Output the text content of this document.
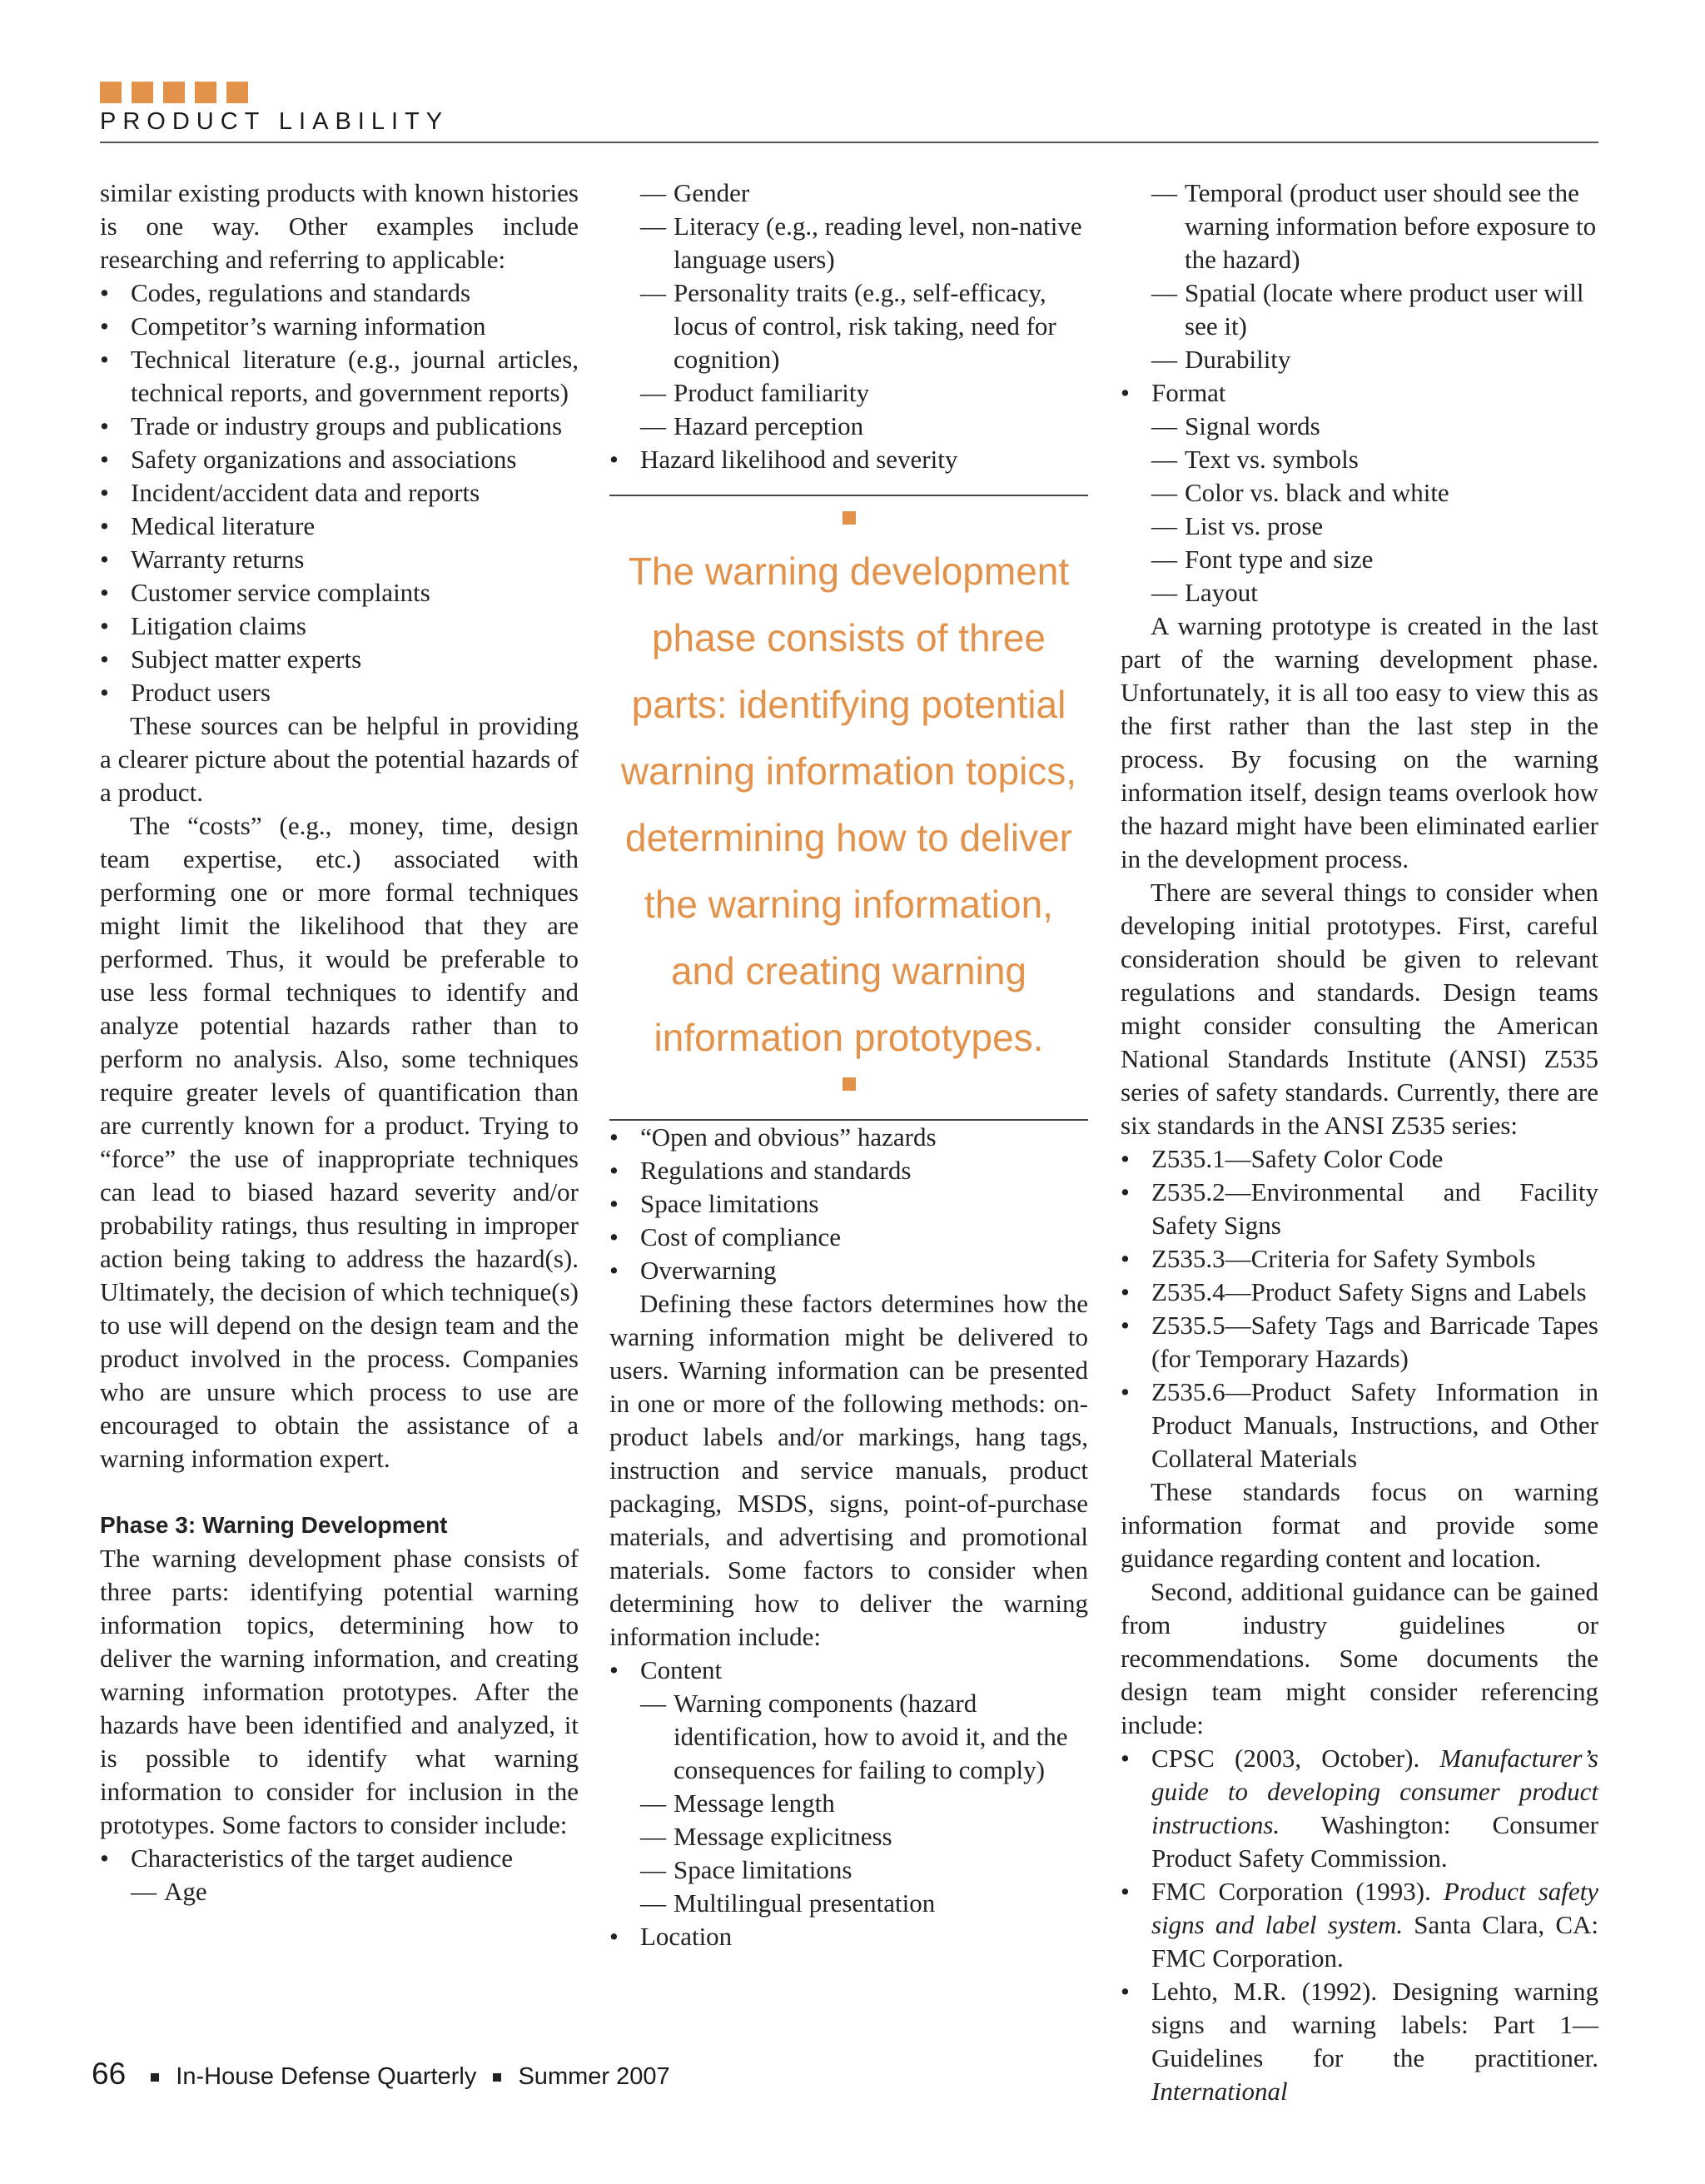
PRODUCT LIABILITY

similar existing products with known histories is one way. Other examples include researching and referring to applicable:

• Codes, regulations and standards
• Competitor’s warning information
• Technical literature (e.g., journal articles, technical reports, and government reports)
• Trade or industry groups and publications
• Safety organizations and associations
• Incident/accident data and reports
• Medical literature
• Warranty returns
• Customer service complaints
• Litigation claims
• Subject matter experts
• Product users

These sources can be helpful in providing a clearer picture about the potential hazards of a product.

The “costs” (e.g., money, time, design team expertise, etc.) associated with performing one or more formal techniques might limit the likelihood that they are performed. Thus, it would be preferable to use less formal techniques to identify and analyze potential hazards rather than to perform no analysis. Also, some techniques require greater levels of quantification than are currently known for a product. Trying to “force” the use of inappropriate techniques can lead to biased hazard severity and/or probability ratings, thus resulting in improper action being taking to address the hazard(s). Ultimately, the decision of which technique(s) to use will depend on the design team and the product involved in the process. Companies who are unsure which process to use are encouraged to obtain the assistance of a warning information expert.

Phase 3: Warning Development

The warning development phase consists of three parts: identifying potential warning information topics, determining how to deliver the warning information, and creating warning information prototypes. After the hazards have been identified and analyzed, it is possible to identify what warning information to consider for inclusion in the prototypes. Some factors to consider include:

• Characteristics of the target audience
— Age
— Gender
— Literacy (e.g., reading level, non-native language users)
— Personality traits (e.g., self-efficacy, locus of control, risk taking, need for cognition)
— Product familiarity
— Hazard perception
• Hazard likelihood and severity

The warning development phase consists of three parts: identifying potential warning information topics, determining how to deliver the warning information, and creating warning information prototypes.

• “Open and obvious” hazards
• Regulations and standards
• Space limitations
• Cost of compliance
• Overwarning

Defining these factors determines how the warning information might be delivered to users. Warning information can be presented in one or more of the following methods: on-product labels and/or markings, hang tags, instruction and service manuals, product packaging, MSDS, signs, point-of-purchase materials, and advertising and promotional materials. Some factors to consider when determining how to deliver the warning information include:

• Content
— Warning components (hazard identification, how to avoid it, and the consequences for failing to comply)
— Message length
— Message explicitness
— Space limitations
— Multilingual presentation
• Location
— Temporal (product user should see the warning information before exposure to the hazard)
— Spatial (locate where product user will see it)
— Durability
• Format
— Signal words
— Text vs. symbols
— Color vs. black and white
— List vs. prose
— Font type and size
— Layout

A warning prototype is created in the last part of the warning development phase. Unfortunately, it is all too easy to view this as the first rather than the last step in the process. By focusing on the warning information itself, design teams overlook how the hazard might have been eliminated earlier in the development process.

There are several things to consider when developing initial prototypes. First, careful consideration should be given to relevant regulations and standards. Design teams might consider consulting the American National Standards Institute (ANSI) Z535 series of safety standards. Currently, there are six standards in the ANSI Z535 series:

• Z535.1—Safety Color Code
• Z535.2—Environmental and Facility Safety Signs
• Z535.3—Criteria for Safety Symbols
• Z535.4—Product Safety Signs and Labels
• Z535.5—Safety Tags and Barricade Tapes (for Temporary Hazards)
• Z535.6—Product Safety Information in Product Manuals, Instructions, and Other Collateral Materials

These standards focus on warning information format and provide some guidance regarding content and location.

Second, additional guidance can be gained from industry guidelines or recommendations. Some documents the design team might consider referencing include:

• CPSC (2003, October). Manufacturer’s guide to developing consumer product instructions. Washington: Consumer Product Safety Commission.
• FMC Corporation (1993). Product safety signs and label system. Santa Clara, CA: FMC Corporation.
• Lehto, M.R. (1992). Designing warning signs and warning labels: Part 1—Guidelines for the practitioner. International
66 In-House Defense Quarterly Summer 2007
